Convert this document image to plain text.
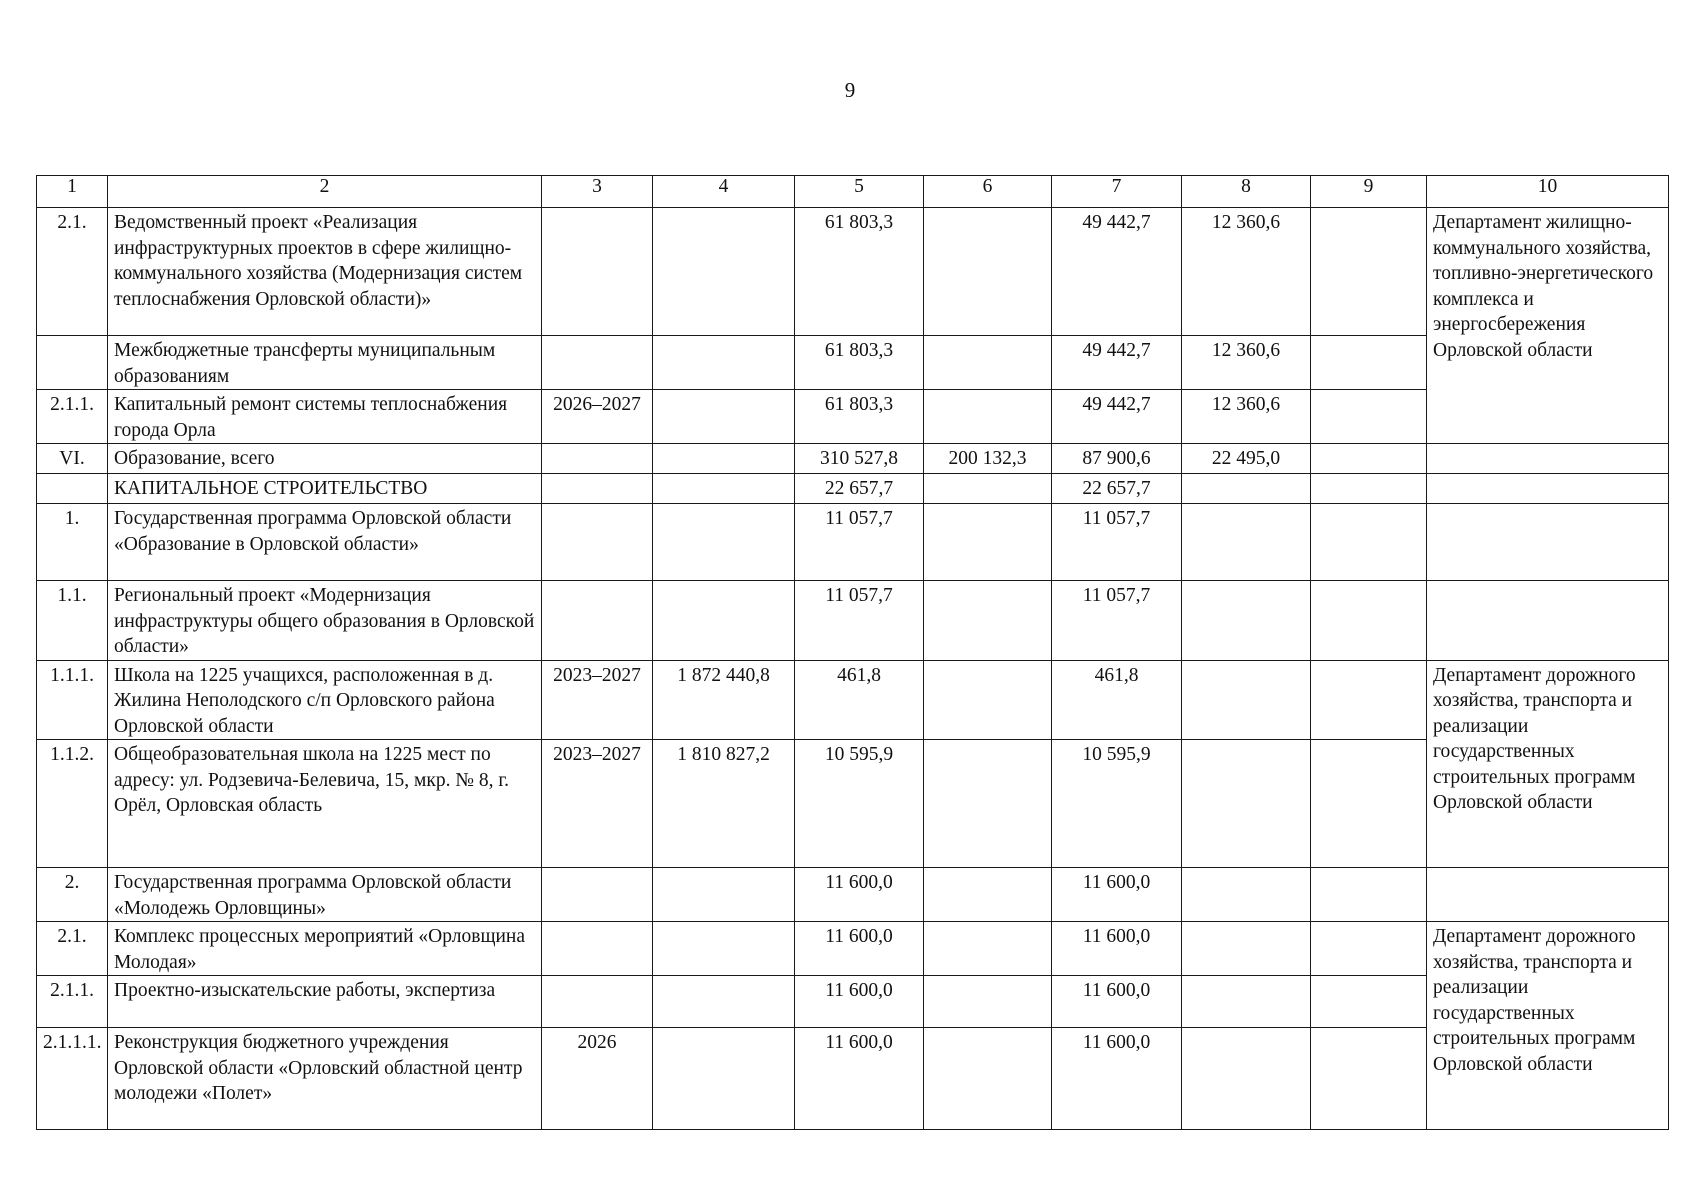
9
1	2	3	4	5	6	7	8	9	10
2.1.	Ведомственный проект «Реализация инфраструктурных проектов в сфере жилищно-коммунального хозяйства (Модернизация систем теплоснабжения Орловской области)»			61 803,3		49 442,7	12 360,6		Департамент жилищно-коммунального хозяйства, топливно-энергетического комплекса и энергосбережения Орловской области
	Межбюджетные трансферты муниципальным образованиям			61 803,3		49 442,7	12 360,6		
2.1.1.	Капитальный ремонт системы теплоснабжения города Орла	2026–2027		61 803,3		49 442,7	12 360,6		
VI.	Образование, всего			310 527,8	200 132,3	87 900,6	22 495,0		
	КАПИТАЛЬНОЕ СТРОИТЕЛЬСТВО			22 657,7		22 657,7			
1.	Государственная программа Орловской области «Образование в Орловской области»			11 057,7		11 057,7			
1.1.	Региональный проект «Модернизация инфраструктуры общего образования в Орловской области»			11 057,7		11 057,7			
1.1.1.	Школа на 1225 учащихся, расположенная в д. Жилина Неполодского с/п Орловского района Орловской области	2023–2027	1 872 440,8	461,8		461,8			Департамент дорожного хозяйства, транспорта и реализации государственных строительных программ Орловской области
1.1.2.	Общеобразовательная школа на 1225 мест по адресу: ул. Родзевича-Белевича, 15, мкр. № 8, г. Орёл, Орловская область	2023–2027	1 810 827,2	10 595,9		10 595,9			
2.	Государственная программа Орловской области «Молодежь Орловщины»			11 600,0		11 600,0			
2.1.	Комплекс процессных мероприятий «Орловщина Молодая»			11 600,0		11 600,0			Департамент дорожного хозяйства, транспорта и реализации государственных строительных программ Орловской области
2.1.1.	Проектно-изыскательские работы, экспертиза			11 600,0		11 600,0			
2.1.1.1.	Реконструкция бюджетного учреждения Орловской области «Орловский областной центр молодежи «Полет»	2026		11 600,0		11 600,0			
